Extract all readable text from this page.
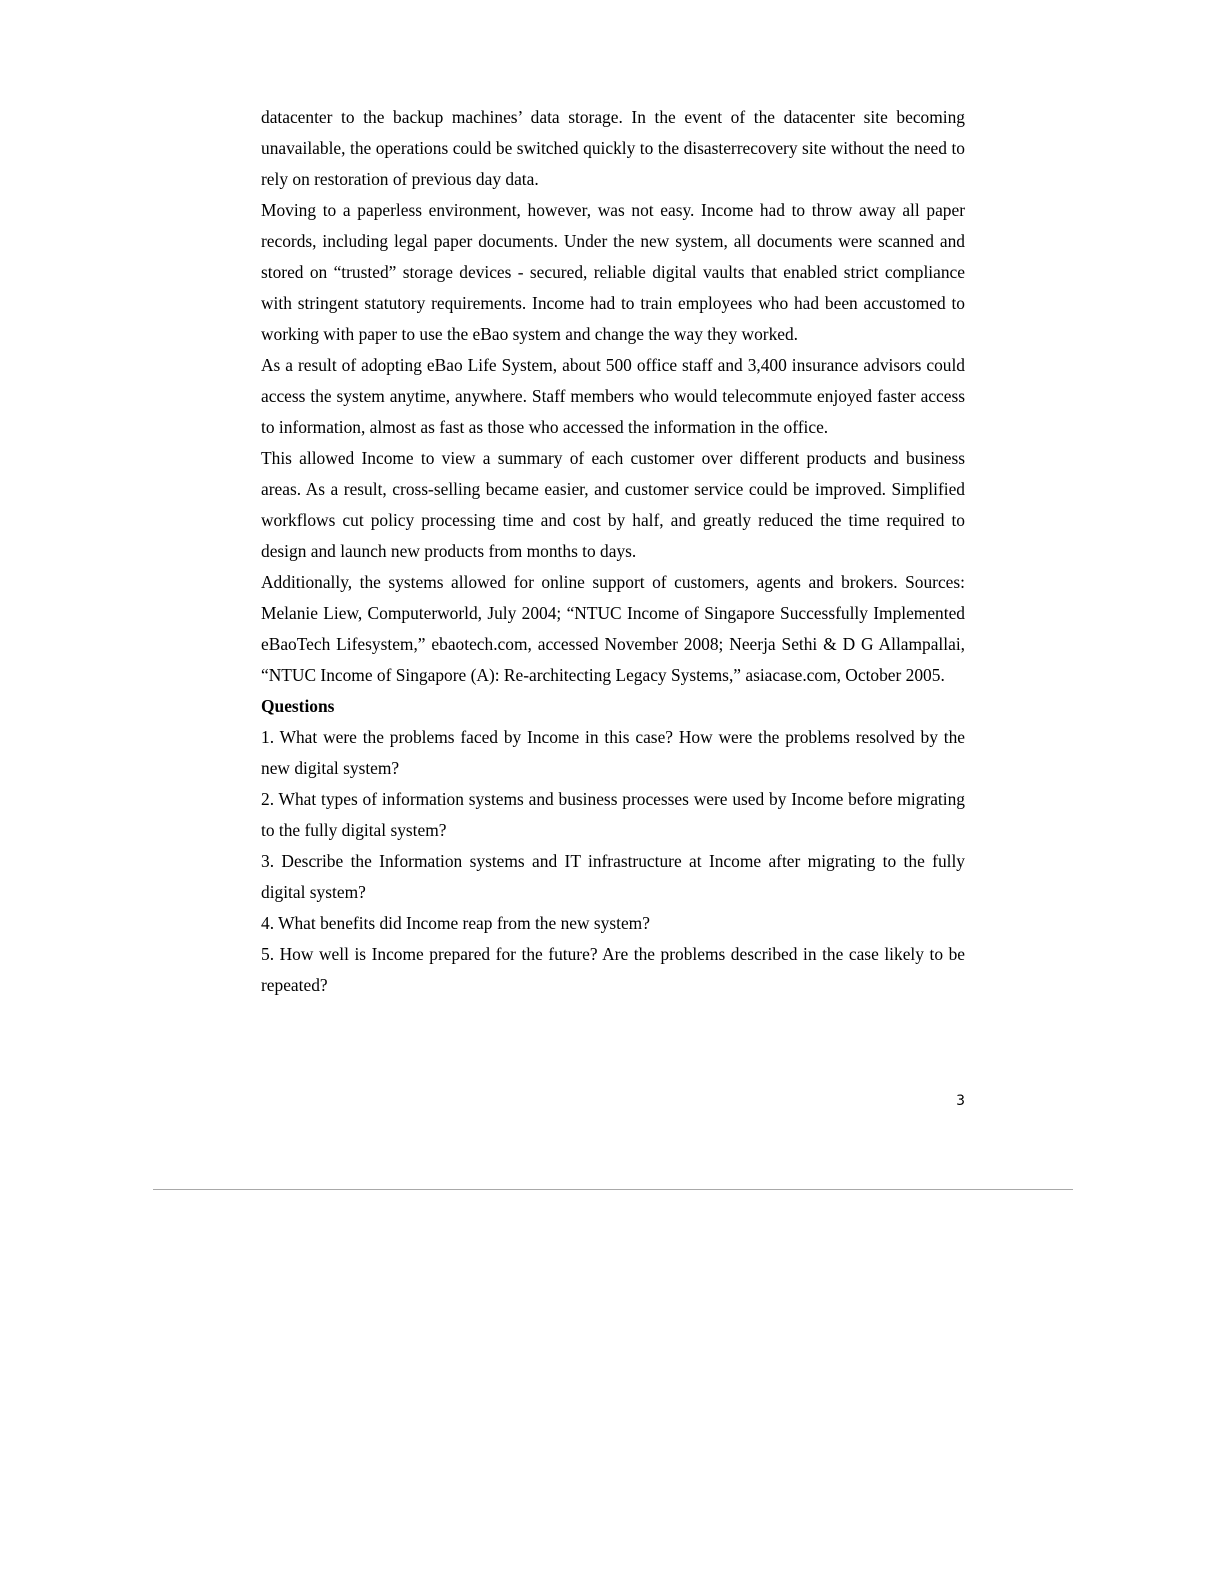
datacenter to the backup machines’ data storage. In the event of the datacenter site becoming unavailable, the operations could be switched quickly to the disasterrecovery site without the need to rely on restoration of previous day data.

Moving to a paperless environment, however, was not easy. Income had to throw away all paper records, including legal paper documents. Under the new system, all documents were scanned and stored on “trusted” storage devices - secured, reliable digital vaults that enabled strict compliance with stringent statutory requirements. Income had to train employees who had been accustomed to working with paper to use the eBao system and change the way they worked.

As a result of adopting eBao Life System, about 500 office staff and 3,400 insurance advisors could access the system anytime, anywhere. Staff members who would telecommute enjoyed faster access to information, almost as fast as those who accessed the information in the office.

This allowed Income to view a summary of each customer over different products and business areas. As a result, cross-selling became easier, and customer service could be improved. Simplified workflows cut policy processing time and cost by half, and greatly reduced the time required to design and launch new products from months to days.

Additionally, the systems allowed for online support of customers, agents and brokers. Sources: Melanie Liew, Computerworld, July 2004; “NTUC Income of Singapore Successfully Implemented eBaoTech Lifesystem,” ebaotech.com, accessed November 2008; Neerja Sethi & D G Allampallai, “NTUC Income of Singapore (A): Re-architecting Legacy Systems,” asiacase.com, October 2005.

Questions

1. What were the problems faced by Income in this case? How were the problems resolved by the new digital system?

2. What types of information systems and business processes were used by Income before migrating to the fully digital system?

3. Describe the Information systems and IT infrastructure at Income after migrating to the fully digital system?

4. What benefits did Income reap from the new system?

5. How well is Income prepared for the future? Are the problems described in the case likely to be repeated?

3
